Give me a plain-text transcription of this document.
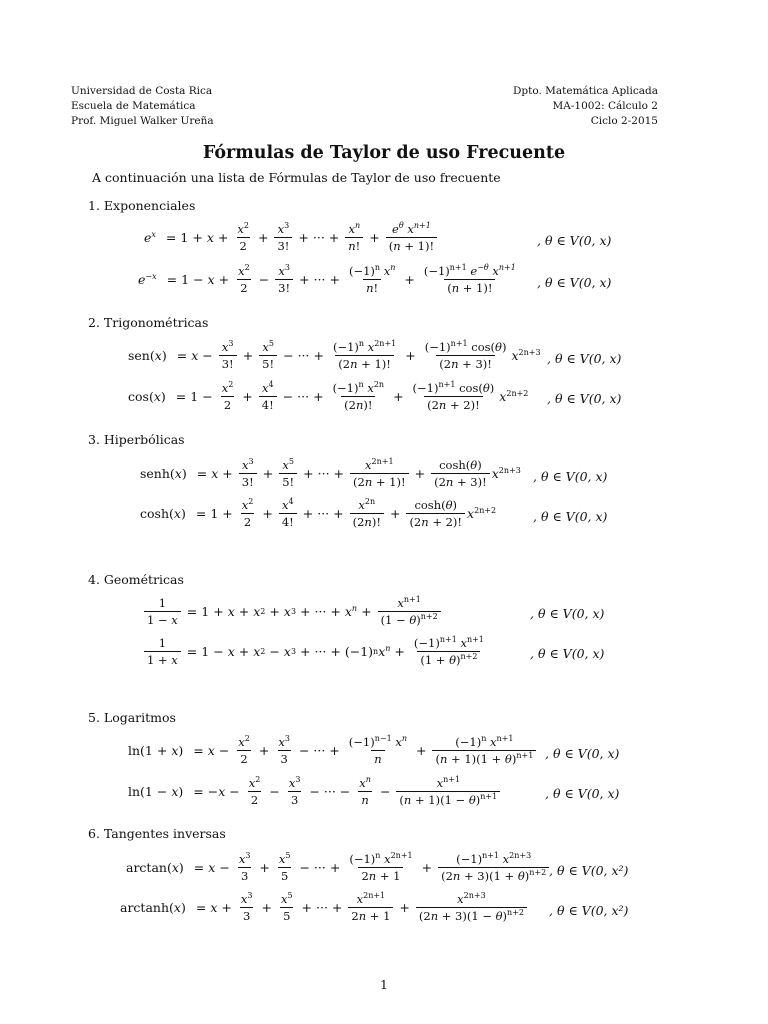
Universidad de Costa Rica
Escuela de Matemática
Prof. Miguel Walker Ureña
Dpto. Matemática Aplicada
MA-1002: Cálculo 2
Ciclo 2-2015
Fórmulas de Taylor de uso Frecuente
A continuación una lista de Fórmulas de Taylor de uso frecuente
1. Exponenciales
$e^x = 1 + x + \frac{x^2}{2} + \frac{x^3}{3!}$ + ··· + $\frac{x^n}{n!} + \frac{e^\theta x^{n+1}}{(n + 1)!}$	, θ ∈ V(0, x)
$e^{-x} = 1 - x + \frac{x^2}{2} - \frac{x^3}{3!}$ + ··· + $\frac{(-1)^n x^n}{n!} + \frac{(-1)^{n+1} e^{-\theta} x^{n+1}}{(n + 1)!}$ , θ ∈ V(0, x)
2. Trigonométricas
$sen(x) = x - \frac{x^3}{3!} + \frac{x^5}{5!}$ − ··· + $\frac{(-1)^n x^{2n+1}}{(2n + 1)!} + \frac{(-1)^{n+1} \cos(\theta)}{(2n + 3)!} x^{2n+3}$ , θ ∈ V(0, x)
$\cos(x) = 1 - \frac{x^2}{2} + \frac{x^4}{4!}$ − ··· + $\frac{(-1)^n x^{2n}}{(2n)!} + \frac{(-1)^{n+1} \cos(\theta)}{(2n + 2)!} x^{2n+2}$ , θ ∈ V(0, x)
3. Hiperbólicas
senh(x) = $x + \frac{x^3}{3!} + \frac{x^5}{5!}$ + ··· + $\frac{x^{2n+1}}{(2n + 1)!} + \frac{\cosh(\theta)}{(2n + 3)!} x^{2n+3}$ , θ ∈ V(0, x)
$\cosh(x) = 1 + \frac{x^2}{2} + \frac{x^4}{4!}$ + ··· + $\frac{x^{2n}}{(2n)!} + \frac{\cosh(\theta)}{(2n + 2)!} x^{2n+2}$	, θ ∈ V(0, x)
4. Geométricas
$\frac{1}{1 - x} = 1 + x + x$ 2 + x 3 + ··· + $x^n + \frac{x^{n+1}}{(1 - \theta)^{n+2}}$	, θ ∈ V(0, x)
$\frac{1}{1 + x} = 1 - x + x$ 2 − x 3 + ··· + (−1) n $x^n + \frac{(-1)^{n+1} x^{n+1}}{(1 + \theta)^{n+2}}$	, θ ∈ V(0, x)
5. Logaritmos
$\ln(1 + x) = x - \frac{x^2}{2} + \frac{x^3}{3}$ − ··· + $\frac{(-1)^{n-1} x^n}{n} + \frac{(-1)^n x^{n+1}}{(n + 1)(1 + \theta)^{n+1}}$ , θ ∈ V(0, x)
ln(1 − x) = − $x - \frac{x^2}{2} - \frac{x^3}{3}$ − ··· − $\frac{x^n}{n} - \frac{x^{n+1}}{(n + 1)(1 - \theta)^{n+1}}$	, θ ∈ V(0, x)
6. Tangentes inversas
$\arctan(x) = x - \frac{x^3}{3} + \frac{x^5}{5}$ − ··· + $\frac{(-1)^n x^{2n+1}}{2n + 1} + \frac{(-1)^{n+1} x^{2n+3}}{(2n + 3)(1 + \theta)^{n+2}}$ , θ ∈ V(0, x²)
$\arctan h(x) = x + \frac{x^3}{3} + \frac{x^5}{5}$ + ··· + $\frac{x^{2n+1}}{2n + 1} + \frac{x^{2n+3}}{(2n + 3)(1 - \theta)^{n+2}}$ , θ ∈ V(0, x²)
1
